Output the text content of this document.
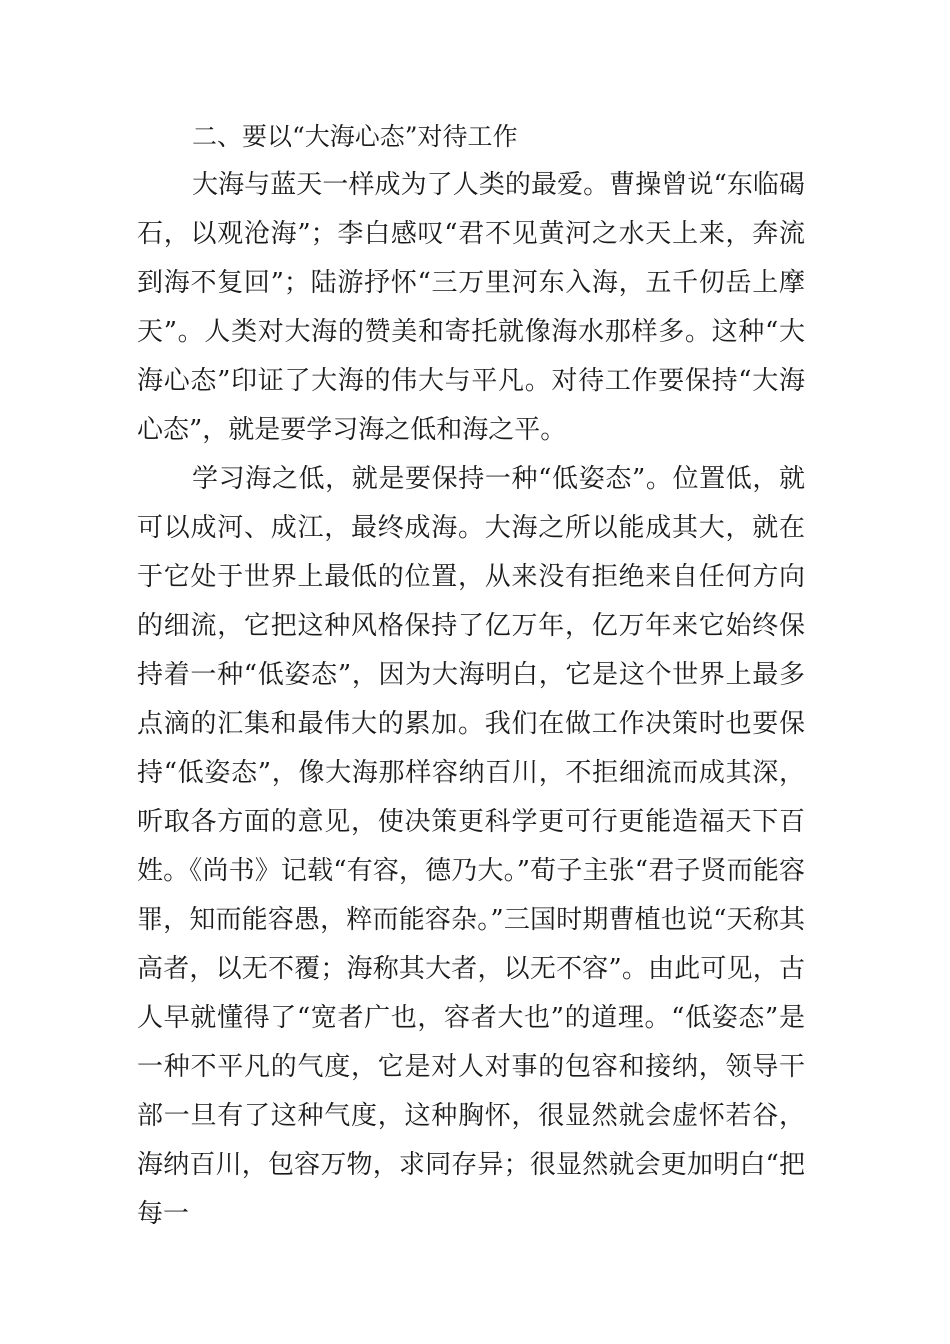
二、要以“大海心态”对待工作

大海与蓝天一样成为了人类的最爱。曹操曾说“东临碣石，以观沧海”；李白感叹“君不见黄河之水天上来，奔流到海不复回”；陆游抒怀“三万里河东入海，五千仞岳上摩天”。人类对大海的赞美和寄托就像海水那样多。这种“大海心态”印证了大海的伟大与平凡。对待工作要保持“大海心态”，就是要学习海之低和海之平。

学习海之低，就是要保持一种“低姿态”。位置低，就可以成河、成江，最终成海。大海之所以能成其大，就在于它处于世界上最低的位置，从来没有拒绝来自任何方向的细流，它把这种风格保持了亿万年，亿万年来它始终保持着一种“低姿态”，因为大海明白，它是这个世界上最多点滴的汇集和最伟大的累加。我们在做工作决策时也要保持“低姿态”，像大海那样容纳百川，不拒细流而成其深，听取各方面的意见，使决策更科学更可行更能造福天下百姓。《尚书》记载“有容，德乃大。”荀子主张“君子贤而能容罪，知而能容愚，粹而能容杂。”三国时期曹植也说“天称其高者，以无不覆；海称其大者，以无不容”。由此可见，古人早就懂得了“宽者广也，容者大也”的道理。“低姿态”是一种不平凡的气度，它是对人对事的包容和接纳，领导干部一旦有了这种气度，这种胸怀，很显然就会虚怀若谷，海纳百川，包容万物，求同存异；很显然就会更加明白“把每一
